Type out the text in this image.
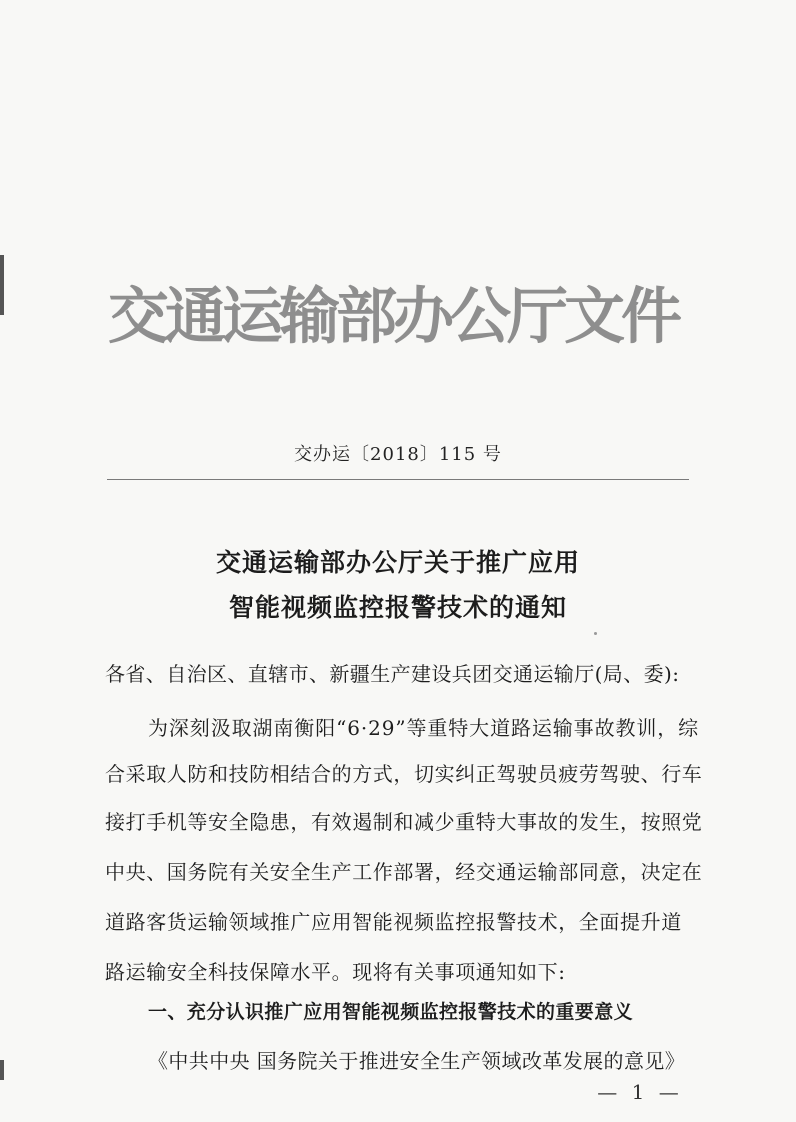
交通运输部办公厅文件
交办运〔2018〕115 号
交通运输部办公厅关于推广应用
智能视频监控报警技术的通知
各省、自治区、直辖市、新疆生产建设兵团交通运输厅(局、委):
为深刻汲取湖南衡阳“6·29”等重特大道路运输事故教训，综
合采取人防和技防相结合的方式，切实纠正驾驶员疲劳驾驶、行车
接打手机等安全隐患，有效遏制和减少重特大事故的发生，按照党
中央、国务院有关安全生产工作部署，经交通运输部同意，决定在
道路客货运输领域推广应用智能视频监控报警技术，全面提升道
路运输安全科技保障水平。现将有关事项通知如下:
一、充分认识推广应用智能视频监控报警技术的重要意义
《中共中央 国务院关于推进安全生产领域改革发展的意见》
— 1 —
